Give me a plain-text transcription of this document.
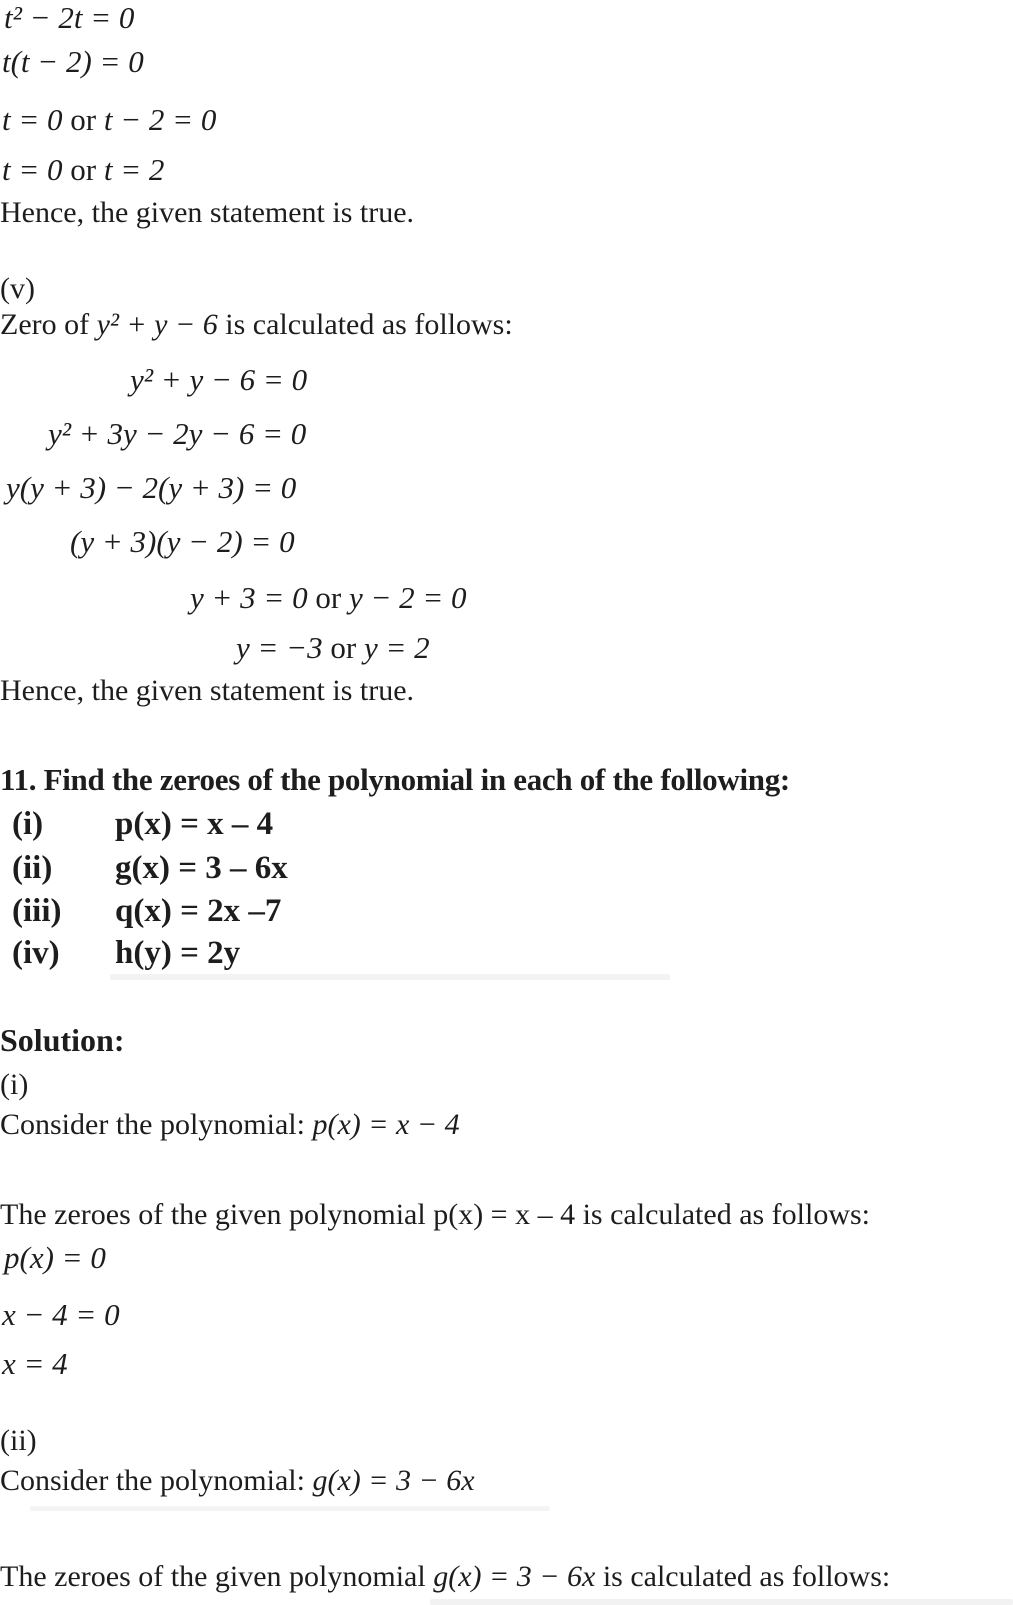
t² − 2t = 0
t(t − 2) = 0
t = 0 or t − 2 = 0
t = 0 or t = 2
Hence, the given statement is true.
(v)
Zero of y² + y − 6 is calculated as follows:
y² + y − 6 = 0
y² + 3y − 2y − 6 = 0
y(y + 3) − 2(y + 3) = 0
(y + 3)(y − 2) = 0
y + 3 = 0 or y − 2 = 0
y = −3 or y = 2
Hence, the given statement is true.
11. Find the zeroes of the polynomial in each of the following:
(i) p(x) = x – 4
(ii) g(x) = 3 – 6x
(iii) q(x) = 2x –7
(iv) h(y) = 2y
Solution:
(i)
Consider the polynomial: p(x) = x − 4
The zeroes of the given polynomial p(x) = x – 4 is calculated as follows:
p(x) = 0
x − 4 = 0
x = 4
(ii)
Consider the polynomial: g(x) = 3 − 6x
The zeroes of the given polynomial g(x) = 3 − 6x is calculated as follows:
